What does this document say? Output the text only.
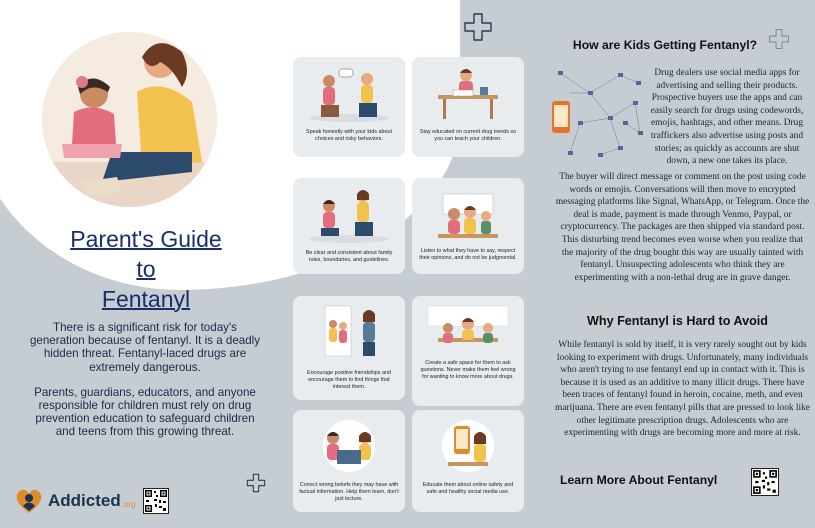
Parent's Guide
to
Fentanyl

There is a significant risk for today's generation because of fentanyl. It is a deadly hidden threat. Fentanyl-laced drugs are extremely dangerous.

Parents, guardians, educators, and anyone responsible for children must rely on drug prevention education to safeguard children and teens from this growing threat.

Addicted .org
Speak honestly with your kids about choices and risky behaviors.
Stay educated on current drug trends so you can teach your children.
Be clear and consistent about family rules, boundaries, and guidelines.
Listen to what they have to say, respect their opinions, and do not be judgmental.
Encourage positive friendships and encourage them to find things that interest them.
Create a safe space for them to ask questions. Never make them feel wrong for wanting to know more about drugs.
Correct wrong beliefs they may have with factual information. Help them learn, don't just lecture.
Educate them about online safety and safe and healthy social media use.
How are Kids Getting Fentanyl?
Drug dealers use social media apps for advertising and selling their products. Prospective buyers use the apps and can easily search for drugs using codewords, emojis, hashtags, and other means. Drug traffickers also advertise using posts and stories; as quickly as accounts are shut down, a new one takes its place.
The buyer will direct message or comment on the post using code words or emojis. Conversations will then move to encrypted messaging platforms like Signal, WhatsApp, or Telegram. Once the deal is made, payment is made through Venmo, Paypal, or cryptocurrency. The packages are then shipped via standard post.
This disturbing trend becomes even worse when you realize that the majority of the drug bought this way are usually tainted with fentanyl. Unsuspecting adolescents who think they are experimenting with a non-lethal drug are in grave danger.
Why Fentanyl is Hard to Avoid
While fentanyl is sold by itself, it is very rarely sought out by kids looking to experiment with drugs. Unfortunately, many individuals who aren't trying to use fentanyl end up in contact with it. This is because it is used as an additive to many illicit drugs. There have been traces of fentanyl found in heroin, cocaine, meth, and even marijuana. There are even fentanyl pills that are pressed to look like other legitimate prescription drugs. Adolescents who are experimenting with drugs are becoming more and more at risk.
Learn More About Fentanyl
